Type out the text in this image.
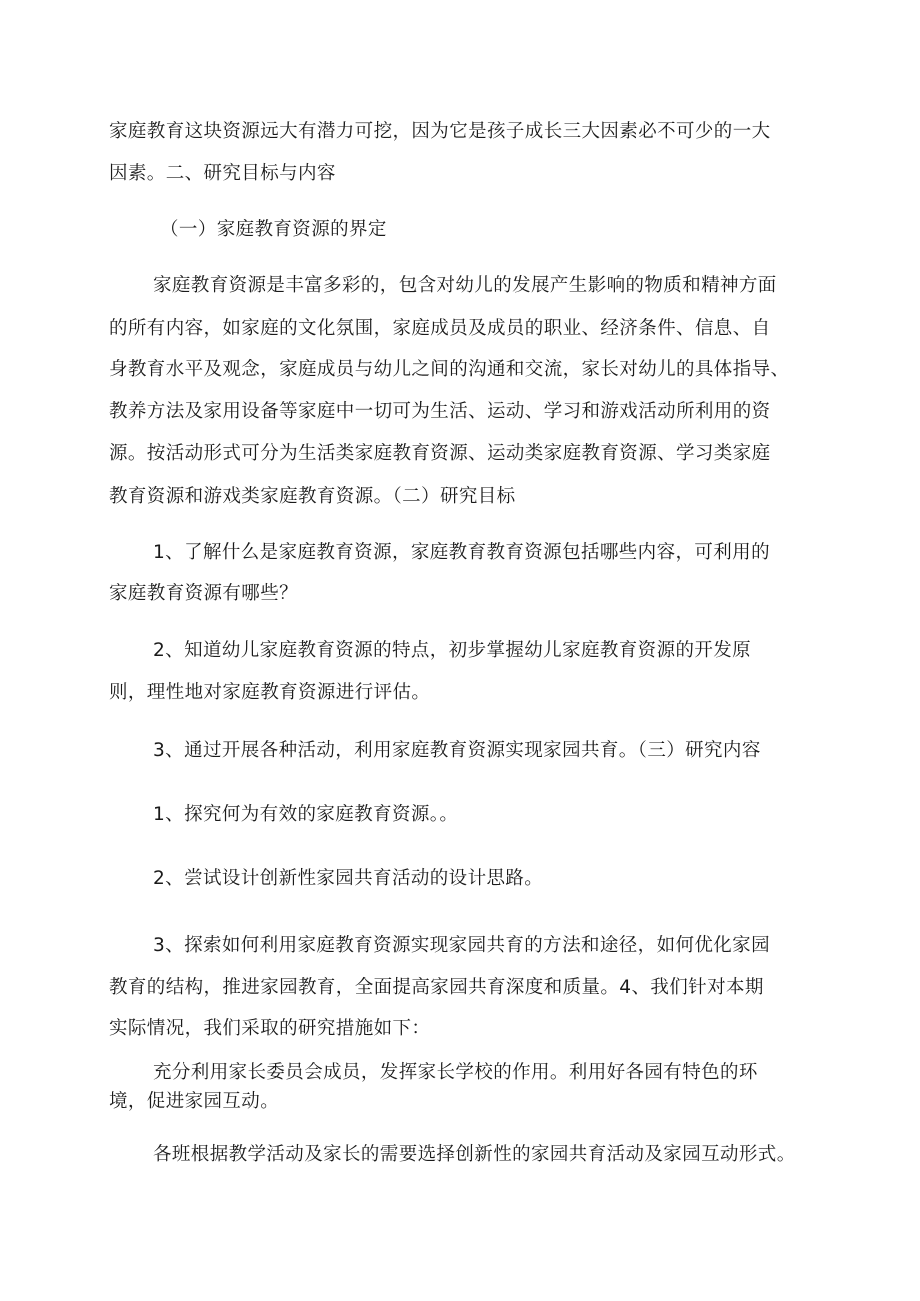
家庭教育这块资源远大有潜力可挖，因为它是孩子成长三大因素必不可少的一大
因素。二、研究目标与内容
（一）家庭教育资源的界定
家庭教育资源是丰富多彩的，包含对幼儿的发展产生影响的物质和精神方面
的所有内容，如家庭的文化氛围，家庭成员及成员的职业、经济条件、信息、自
身教育水平及观念，家庭成员与幼儿之间的沟通和交流，家长对幼儿的具体指导、
教养方法及家用设备等家庭中一切可为生活、运动、学习和游戏活动所利用的资
源。按活动形式可分为生活类家庭教育资源、运动类家庭教育资源、学习类家庭
教育资源和游戏类家庭教育资源。（二）研究目标
1、了解什么是家庭教育资源，家庭教育教育资源包括哪些内容，可利用的
家庭教育资源有哪些？
2、知道幼儿家庭教育资源的特点，初步掌握幼儿家庭教育资源的开发原
则，理性地对家庭教育资源进行评估。
3、通过开展各种活动，利用家庭教育资源实现家园共育。（三）研究内容
1、探究何为有效的家庭教育资源。。
2、尝试设计创新性家园共育活动的设计思路。
3、探索如何利用家庭教育资源实现家园共育的方法和途径，如何优化家园
教育的结构，推进家园教育，全面提高家园共育深度和质量。4、我们针对本期
实际情况，我们采取的研究措施如下：
充分利用家长委员会成员，发挥家长学校的作用。利用好各园有特色的环
境，促进家园互动。
各班根据教学活动及家长的需要选择创新性的家园共育活动及家园互动形式。
